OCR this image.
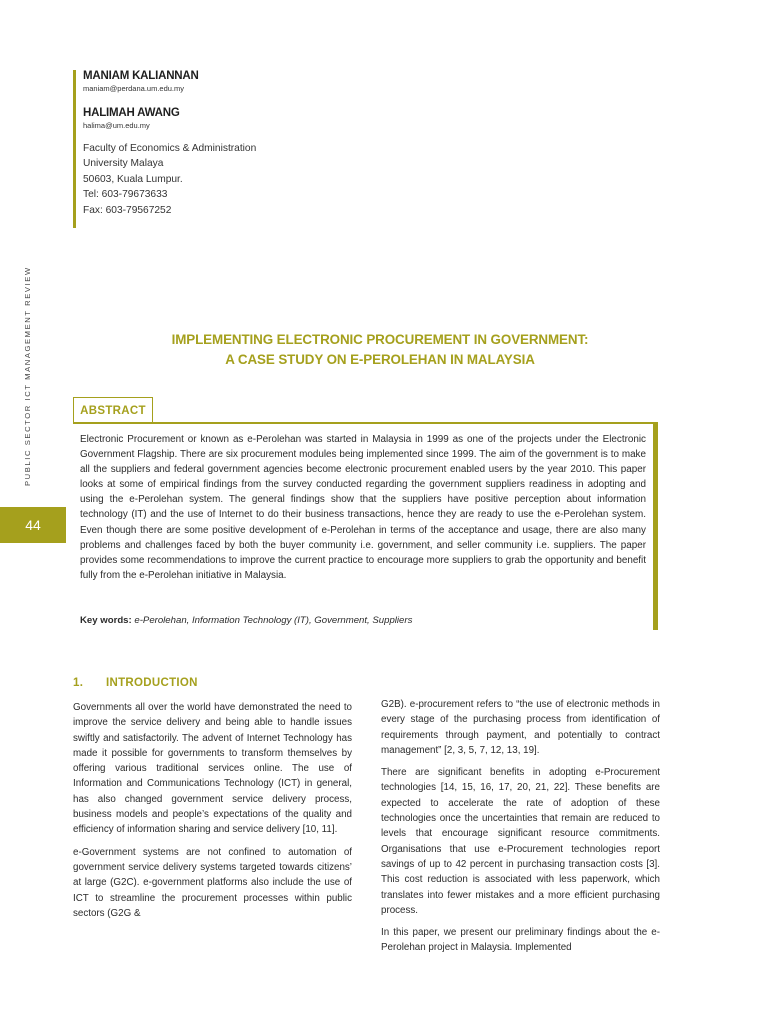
MANIAM KALIANNAN
maniam@perdana.um.edu.my
HALIMAH AWANG
halima@um.edu.my
Faculty of Economics & Administration
University Malaya
50603, Kuala Lumpur.
Tel: 603-79673633
Fax: 603-79567252
PUBLIC SECTOR ICT MANAGEMENT REVIEW
44
IMPLEMENTING ELECTRONIC PROCUREMENT IN GOVERNMENT:
A CASE STUDY ON E-PEROLEHAN IN MALAYSIA
ABSTRACT
Electronic Procurement or known as e-Perolehan was started in Malaysia in 1999 as one of the projects under the Electronic Government Flagship. There are six procurement modules being implemented since 1999. The aim of the government is to make all the suppliers and federal government agencies become electronic procurement enabled users by the year 2010. This paper looks at some of empirical findings from the survey conducted regarding the government suppliers readiness in adopting and using the e-Perolehan system. The general findings show that the suppliers have positive perception about information technology (IT) and the use of Internet to do their business transactions, hence they are ready to use the e-Perolehan system. Even though there are some positive development of e-Perolehan in terms of the acceptance and usage, there are also many problems and challenges faced by both the buyer community i.e. government, and seller community i.e. suppliers. The paper provides some recommendations to improve the current practice to encourage more suppliers to grab the opportunity and benefit fully from the e-Perolehan initiative in Malaysia.
Key words: e-Perolehan, Information Technology (IT), Government, Suppliers
1. INTRODUCTION

Governments all over the world have demonstrated the need to improve the service delivery and being able to handle issues swiftly and satisfactorily. The advent of Internet Technology has made it possible for governments to transform themselves by offering various traditional services online. The use of Information and Communications Technology (ICT) in general, has also changed government service delivery process, business models and people’s expectations of the quality and efficiency of information sharing and service delivery [10, 11].

e-Government systems are not confined to automation of government service delivery systems targeted towards citizens’ at large (G2C). e-government platforms also include the use of ICT to streamline the procurement processes within public sectors (G2G &

G2B). e-procurement refers to “the use of electronic methods in every stage of the purchasing process from identification of requirements through payment, and potentially to contract management” [2, 3, 5, 7, 12, 13, 19].

There are significant benefits in adopting e-Procurement technologies [14, 15, 16, 17, 20, 21, 22]. These benefits are expected to accelerate the rate of adoption of these technologies once the uncertainties that remain are reduced to levels that encourage significant resource commitments. Organisations that use e-Procurement technologies report savings of up to 42 percent in purchasing transaction costs [3]. This cost reduction is associated with less paperwork, which translates into fewer mistakes and a more efficient purchasing process.

In this paper, we present our preliminary findings about the e-Perolehan project in Malaysia. Implemented
